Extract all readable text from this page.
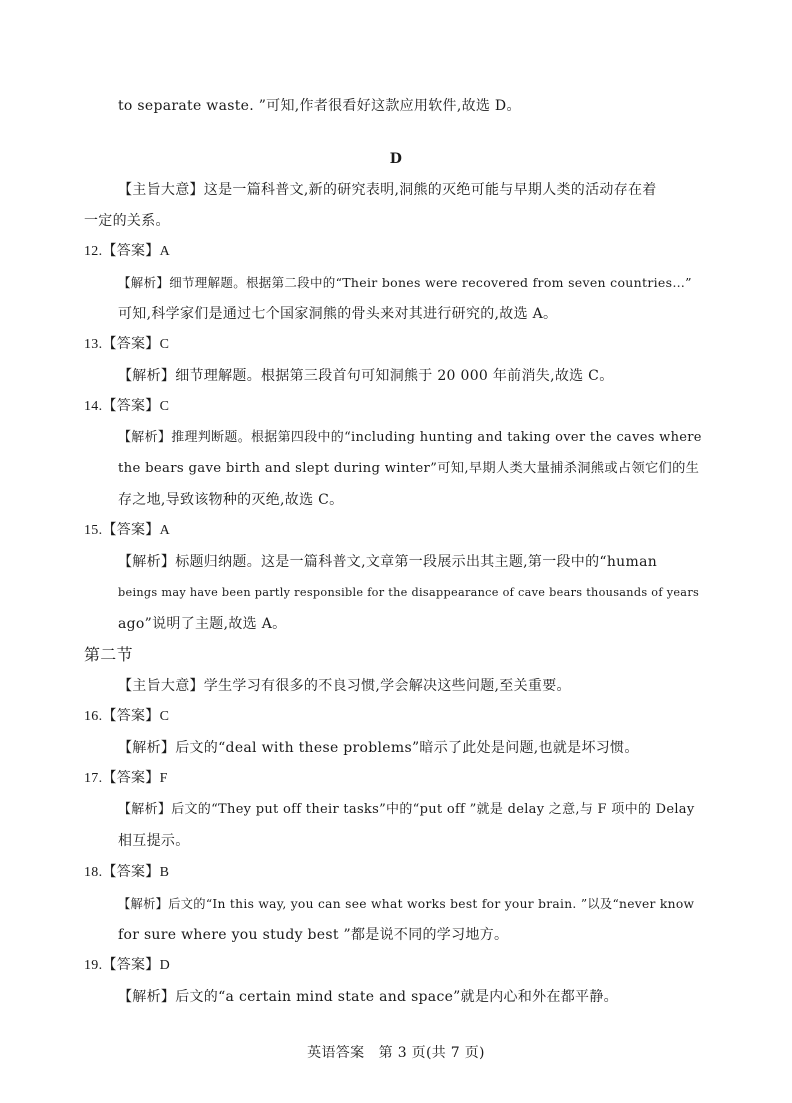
to separate waste. ”可知,作者很看好这款应用软件,故选 D。
D
【主旨大意】这是一篇科普文,新的研究表明,洞熊的灭绝可能与早期人类的活动存在着
一定的关系。
12.【答案】A
【解析】细节理解题。根据第二段中的“Their bones were recovered from seven countries…”
可知,科学家们是通过七个国家洞熊的骨头来对其进行研究的,故选 A。
13.【答案】C
【解析】细节理解题。根据第三段首句可知洞熊于 20 000 年前消失,故选 C。
14.【答案】C
【解析】推理判断题。根据第四段中的“including hunting and taking over the caves where
the bears gave birth and slept during winter”可知,早期人类大量捕杀洞熊或占领它们的生
存之地,导致该物种的灭绝,故选 C。
15.【答案】A
【解析】标题归纳题。这是一篇科普文,文章第一段展示出其主题,第一段中的“human
beings may have been partly responsible for the disappearance of cave bears thousands of years
ago”说明了主题,故选 A。
第二节
【主旨大意】学生学习有很多的不良习惯,学会解决这些问题,至关重要。
16.【答案】C
【解析】后文的“deal with these problems”暗示了此处是问题,也就是坏习惯。
17.【答案】F
【解析】后文的“They put off their tasks”中的“put off ”就是 delay 之意,与 F 项中的 Delay
相互提示。
18.【答案】B
【解析】后文的“In this way, you can see what works best for your brain. ”以及“never know
for sure where you study best ”都是说不同的学习地方。
19.【答案】D
【解析】后文的“a certain mind state and space”就是内心和外在都平静。
英语答案　第 3 页(共 7 页)
